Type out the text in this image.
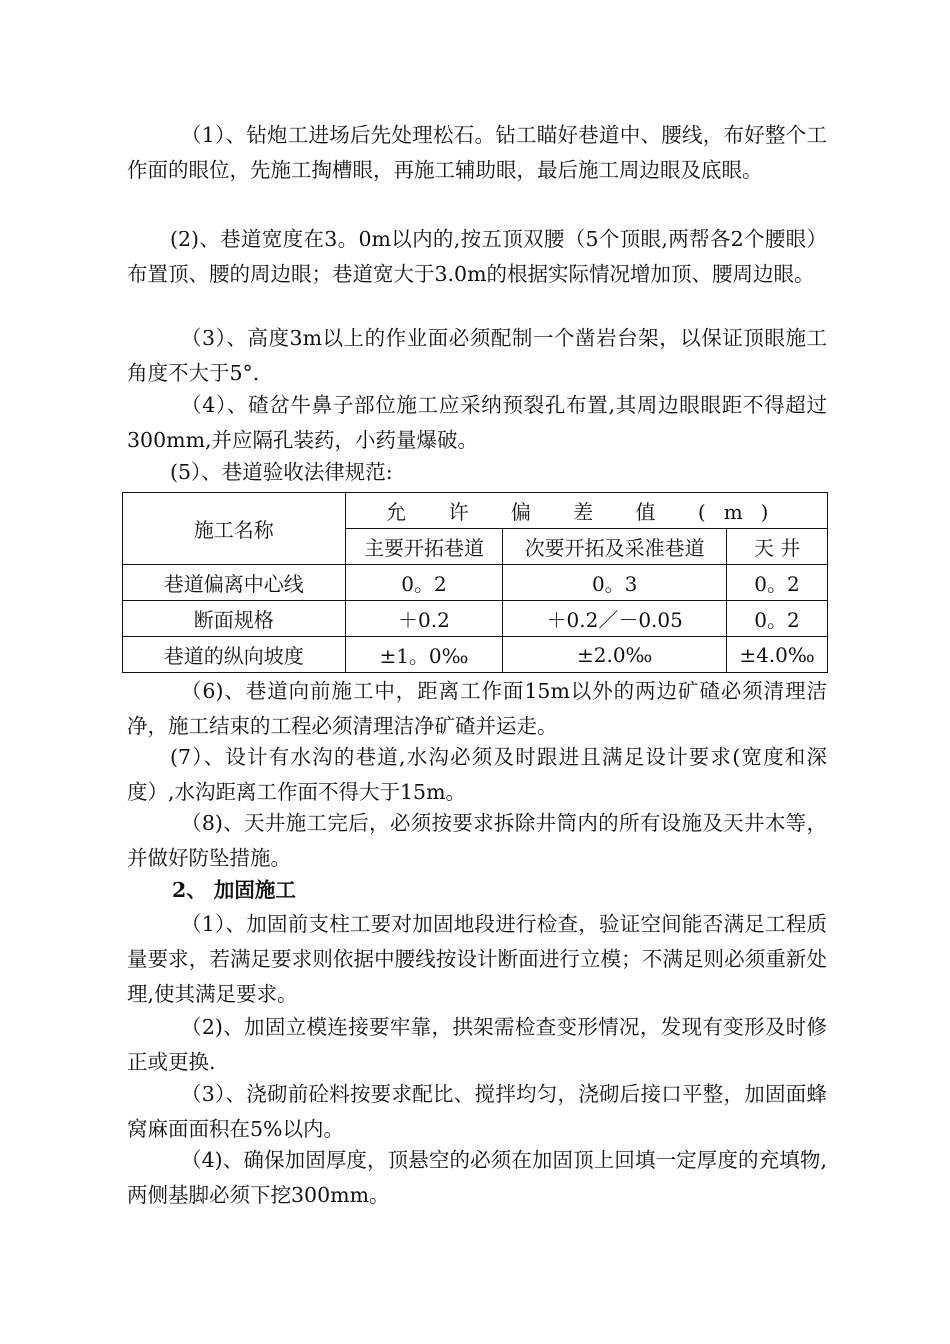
（1）、钻炮工进场后先处理松石。钻工瞄好巷道中、腰线，布好整个工作面的眼位，先施工掏槽眼，再施工辅助眼，最后施工周边眼及底眼。

(2)、巷道宽度在3。0m以内的,按五顶双腰（5个顶眼,两帮各2个腰眼）布置顶、腰的周边眼；巷道宽大于3.0m的根据实际情况增加顶、腰周边眼。

（3）、高度3m以上的作业面必须配制一个凿岩台架，以保证顶眼施工角度不大于5°.

（4）、碴岔牛鼻子部位施工应采纳预裂孔布置,其周边眼眼距不得超过300mm,并应隔孔装药，小药量爆破。

(5）、巷道验收法律规范:

施工名称	允 许 偏 差 值 (m)		
	主要开拓巷道	次要开拓及采准巷道	天 井
巷道偏离中心线	0。2	0。3	0。2
断面规格	＋0.2	＋0.2／－0.05	0。2
巷道的纵向坡度	±1。0‰	±2.0‰	±4.0‰

（6)、巷道向前施工中，距离工作面15m以外的两边矿碴必须清理洁净，施工结束的工程必须清理洁净矿碴并运走。

(7）、设计有水沟的巷道,水沟必须及时跟进且满足设计要求(宽度和深度）,水沟距离工作面不得大于15m。

（8)、天井施工完后，必须按要求拆除井筒内的所有设施及天井木等，并做好防坠措施。

2、 加固施工

（1）、加固前支柱工要对加固地段进行检查，验证空间能否满足工程质量要求，若满足要求则依据中腰线按设计断面进行立模；不满足则必须重新处理,使其满足要求。

（2)、加固立模连接要牢靠，拱架需检查变形情况，发现有变形及时修正或更换.

（3）、浇砌前砼料按要求配比、搅拌均匀，浇砌后接口平整，加固面蜂窝麻面面积在5%以内。

（4)、确保加固厚度，顶悬空的必须在加固顶上回填一定厚度的充填物,两侧基脚必须下挖300mm。
